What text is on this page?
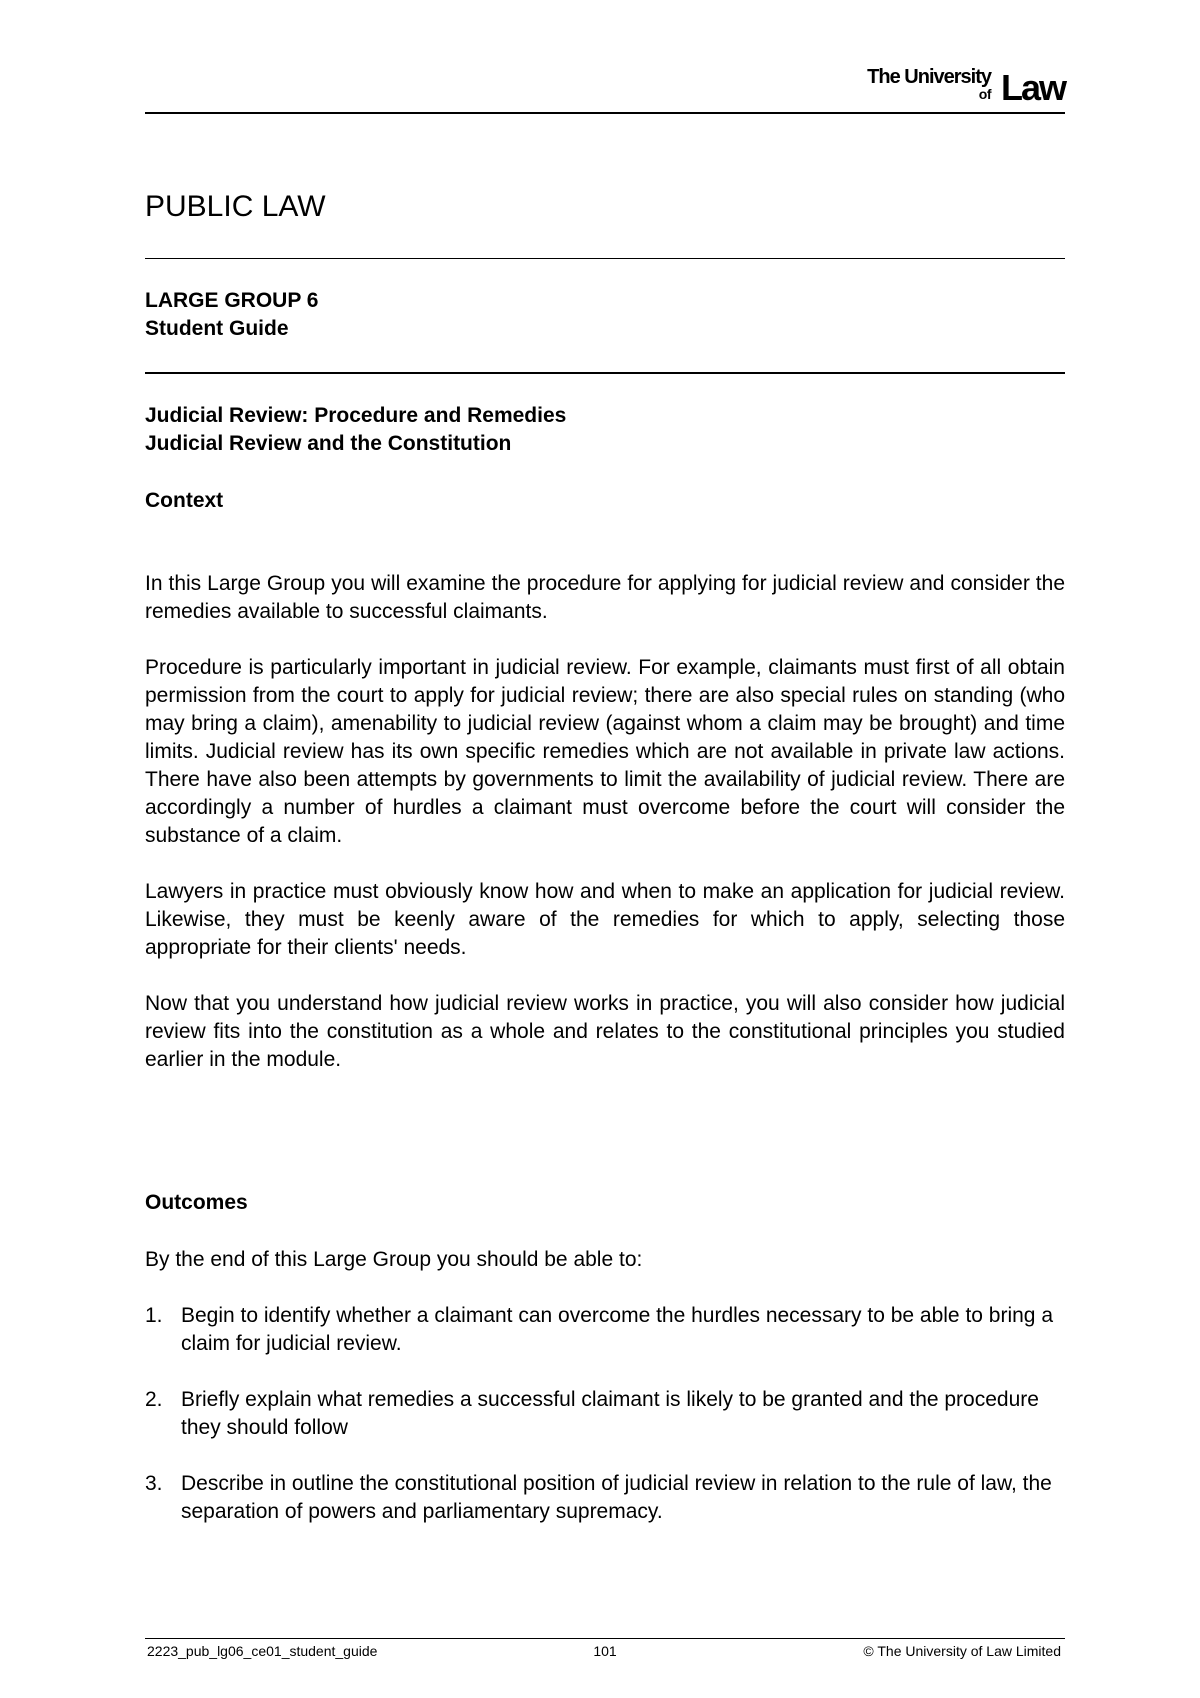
The University
of Law
PUBLIC LAW
LARGE GROUP 6
Student Guide
Judicial Review: Procedure and Remedies
Judicial Review and the Constitution
Context

In this Large Group you will examine the procedure for applying for judicial review and consider the remedies available to successful claimants.

Procedure is particularly important in judicial review. For example, claimants must first of all obtain permission from the court to apply for judicial review; there are also special rules on standing (who may bring a claim), amenability to judicial review (against whom a claim may be brought) and time limits. Judicial review has its own specific remedies which are not available in private law actions. There have also been attempts by governments to limit the availability of judicial review. There are accordingly a number of hurdles a claimant must overcome before the court will consider the substance of a claim.

Lawyers in practice must obviously know how and when to make an application for judicial review. Likewise, they must be keenly aware of the remedies for which to apply, selecting those appropriate for their clients' needs.

Now that you understand how judicial review works in practice, you will also consider how judicial review fits into the constitution as a whole and relates to the constitutional principles you studied earlier in the module.

Outcomes
By the end of this Large Group you should be able to:
1. Begin to identify whether a claimant can overcome the hurdles necessary to be able to bring a claim for judicial review.
2. Briefly explain what remedies a successful claimant is likely to be granted and the procedure they should follow
3. Describe in outline the constitutional position of judicial review in relation to the rule of law, the separation of powers and parliamentary supremacy.
2223_pub_lg06_ce01_student_guide	101	© The University of Law Limited
